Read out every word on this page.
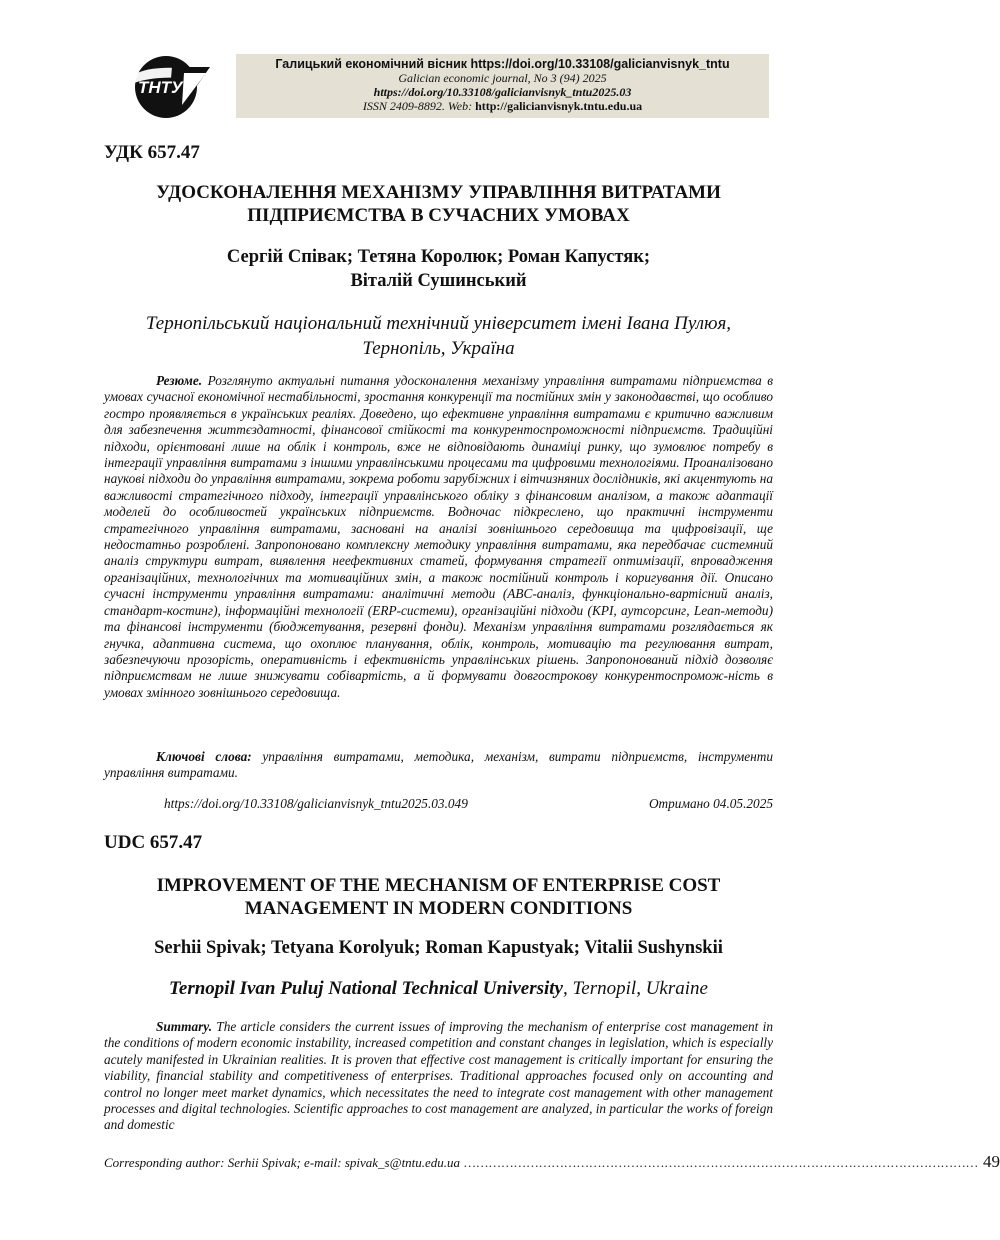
ТНТУ
Галицький економічний вісник https://doi.org/10.33108/galicianvisnyk_tntu
Galician economic journal, No 3 (94) 2025
https://doi.org/10.33108/galicianvisnyk_tntu2025.03
ISSN 2409-8892. Web: http://galicianvisnyk.tntu.edu.ua
УДК 657.47
УДОСКОНАЛЕННЯ МЕХАНІЗМУ УПРАВЛІННЯ ВИТРАТАМИ
ПІДПРИЄМСТВА В СУЧАСНИХ УМОВАХ
Сергій Співак; Тетяна Королюк; Роман Капустяк;
Віталій Сушинський
Тернопільський національний технічний університет імені Івана Пулюя,
Тернопіль, Україна

Резюме. Розглянуто актуальні питання удосконалення механізму управління витратами підприємства в умовах сучасної економічної нестабільності, зростання конкуренції та постійних змін у законодавстві, що особливо гостро проявляється в українських реаліях. Доведено, що ефективне управління витратами є критично важливим для забезпечення життєздатності, фінансової стійкості та конкурентоспроможності підприємств. Традиційні підходи, орієнтовані лише на облік і контроль, вже не відповідають динаміці ринку, що зумовлює потребу в інтеграції управління витратами з іншими управлінськими процесами та цифровими технологіями. Проаналізовано наукові підходи до управління витратами, зокрема роботи зарубіжних і вітчизняних дослідників, які акцентують на важливості стратегічного підходу, інтеграції управлінського обліку з фінансовим аналізом, а також адаптації моделей до особливостей українських підприємств. Водночас підкреслено, що практичні інструменти стратегічного управління витратами, засновані на аналізі зовнішнього середовища та цифровізації, ще недостатньо розроблені. Запропоновано комплексну методику управління витратами, яка передбачає системний аналіз структури витрат, виявлення неефективних статей, формування стратегії оптимізації, впровадження організаційних, технологічних та мотиваційних змін, а також постійний контроль і коригування дії. Описано сучасні інструменти управління витратами: аналітичні методи (ABC-аналіз, функціонально-вартісний аналіз, стандарт-костинг), інформаційні технології (ERP-системи), організаційні підходи (KPI, аутсорсинг, Lean-методи) та фінансові інструменти (бюджетування, резервні фонди). Механізм управління витратами розглядається як гнучка, адаптивна система, що охоплює планування, облік, контроль, мотивацію та регулювання витрат, забезпечуючи прозорість, оперативність і ефективність управлінських рішень. Запропонований підхід дозволяє підприємствам не лише знижувати собівартість, а й формувати довгострокову конкурентоспромож-ність в умовах змінного зовнішнього середовища.

Ключові слова: управління витратами, методика, механізм, витрати підприємств, інструменти управління витратами.

https://doi.org/10.33108/galicianvisnyk_tntu2025.03.049	Отримано 04.05.2025
UDC 657.47
IMPROVEMENT OF THE MECHANISM OF ENTERPRISE COST
MANAGEMENT IN MODERN CONDITIONS
Serhii Spivak; Tetyana Korolyuk; Roman Kapustyak; Vitalii Sushynskii
Ternopil Ivan Puluj National Technical University, Ternopil, Ukraine

Summary. The article considers the current issues of improving the mechanism of enterprise cost management in the conditions of modern economic instability, increased competition and constant changes in legislation, which is especially acutely manifested in Ukrainian realities. It is proven that effective cost management is critically important for ensuring the viability, financial stability and competitiveness of enterprises. Traditional approaches focused only on accounting and control no longer meet market dynamics, which necessitates the need to integrate cost management with other management processes and digital technologies. Scientific approaches to cost management are analyzed, in particular the works of foreign and domestic

Corresponding author: Serhii Spivak; e-mail: spivak_s@tntu.edu.ua …………………………………………………………………………………………………………… 49
